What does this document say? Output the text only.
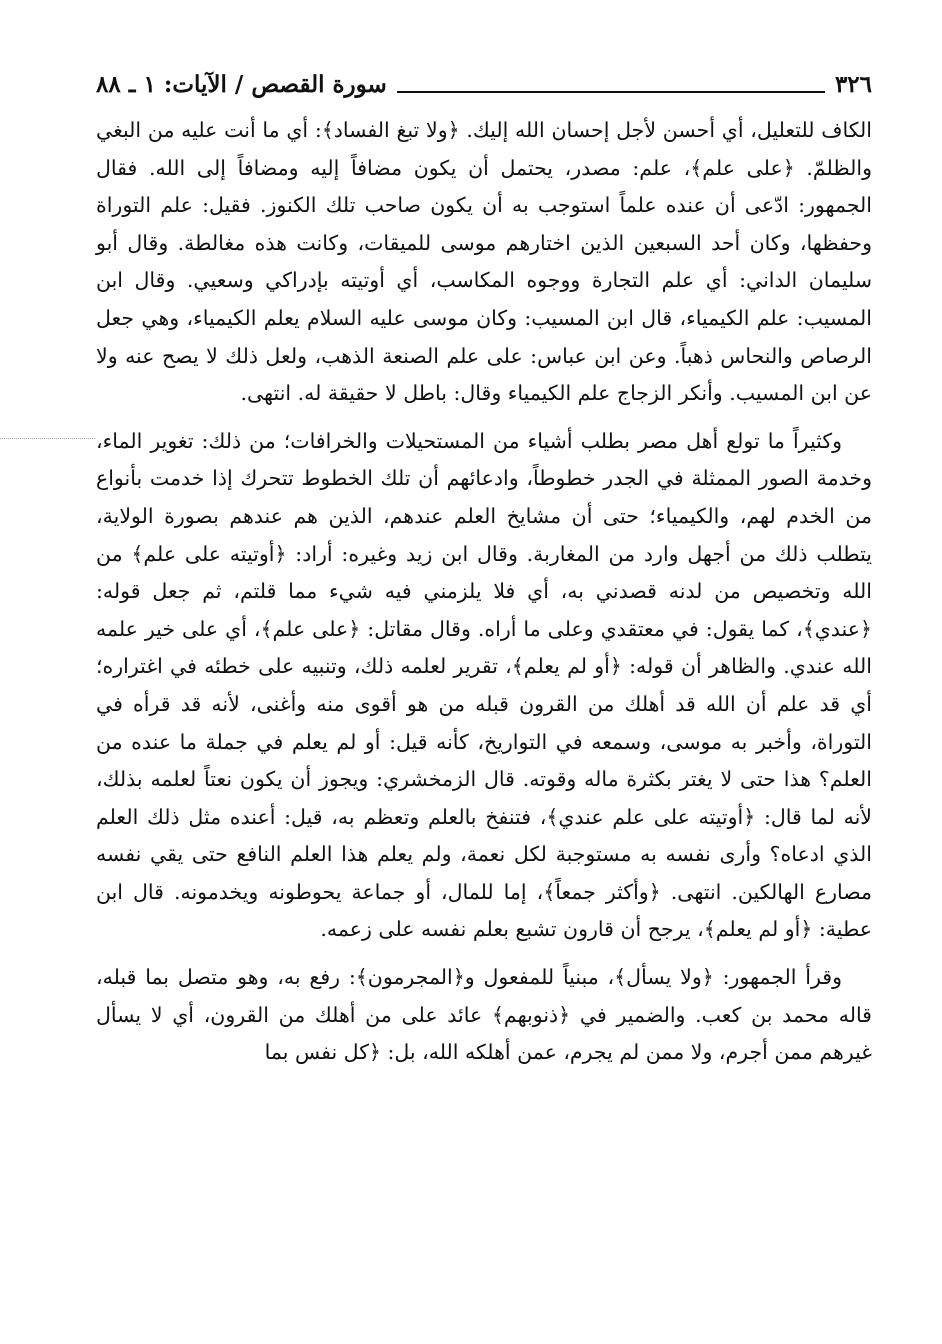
٣٢٦
سورة القصص / الآيات: ١ ـ ٨٨

الكاف للتعليل، أي أحسن لأجل إحسان الله إليك. ﴿ولا تبغ الفساد﴾: أي ما أنت عليه من البغي والظلمّ. ﴿على علم﴾، علم: مصدر، يحتمل أن يكون مضافاً إليه ومضافاً إلى الله. فقال الجمهور: ادّعى أن عنده علماً استوجب به أن يكون صاحب تلك الكنوز. فقيل: علم التوراة وحفظها، وكان أحد السبعين الذين اختارهم موسى للميقات، وكانت هذه مغالطة. وقال أبو سليمان الداني: أي علم التجارة ووجوه المكاسب، أي أوتيته بإدراكي وسعيي. وقال ابن المسيب: علم الكيمياء، قال ابن المسيب: وكان موسى عليه السلام يعلم الكيمياء، وهي جعل الرصاص والنحاس ذهباً. وعن ابن عباس: على علم الصنعة الذهب، ولعل ذلك لا يصح عنه ولا عن ابن المسيب. وأنكر الزجاج علم الكيمياء وقال: باطل لا حقيقة له. انتهى.

وكثيراً ما تولع أهل مصر بطلب أشياء من المستحيلات والخرافات؛ من ذلك: تغوير الماء، وخدمة الصور الممثلة في الجدر خطوطاً، وادعائهم أن تلك الخطوط تتحرك إذا خدمت بأنواع من الخدم لهم، والكيمياء؛ حتى أن مشايخ العلم عندهم، الذين هم عندهم بصورة الولاية، يتطلب ذلك من أجهل وارد من المغاربة. وقال ابن زيد وغيره: أراد: ﴿أوتيته على علم﴾ من الله وتخصيص من لدنه قصدني به، أي فلا يلزمني فيه شيء مما قلتم، ثم جعل قوله: ﴿عندي﴾، كما يقول: في معتقدي وعلى ما أراه. وقال مقاتل: ﴿على علم﴾، أي على خير علمه الله عندي. والظاهر أن قوله: ﴿أو لم يعلم﴾، تقرير لعلمه ذلك، وتنبيه على خطئه في اغتراره؛ أي قد علم أن الله قد أهلك من القرون قبله من هو أقوى منه وأغنى، لأنه قد قرأه في التوراة، وأخبر به موسى، وسمعه في التواريخ، كأنه قيل: أو لم يعلم في جملة ما عنده من العلم؟ هذا حتى لا يغتر بكثرة ماله وقوته. قال الزمخشري: ويجوز أن يكون نعتاً لعلمه بذلك، لأنه لما قال: ﴿أوتيته على علم عندي﴾، فتنفخ بالعلم وتعظم به، قيل: أعنده مثل ذلك العلم الذي ادعاه؟ وأرى نفسه به مستوجبة لكل نعمة، ولم يعلم هذا العلم النافع حتى يقي نفسه مصارع الهالكين. انتهى. ﴿وأكثر جمعاً﴾، إما للمال، أو جماعة يحوطونه ويخدمونه. قال ابن عطية: ﴿أو لم يعلم﴾، يرجح أن قارون تشبع بعلم نفسه على زعمه.

وقرأ الجمهور: ﴿ولا يسأل﴾، مبنياً للمفعول و﴿المجرمون﴾: رفع به، وهو متصل بما قبله، قاله محمد بن كعب. والضمير في ﴿ذنوبهم﴾ عائد على من أهلك من القرون، أي لا يسأل غيرهم ممن أجرم، ولا ممن لم يجرم، عمن أهلكه الله، بل: ﴿كل نفس بما
